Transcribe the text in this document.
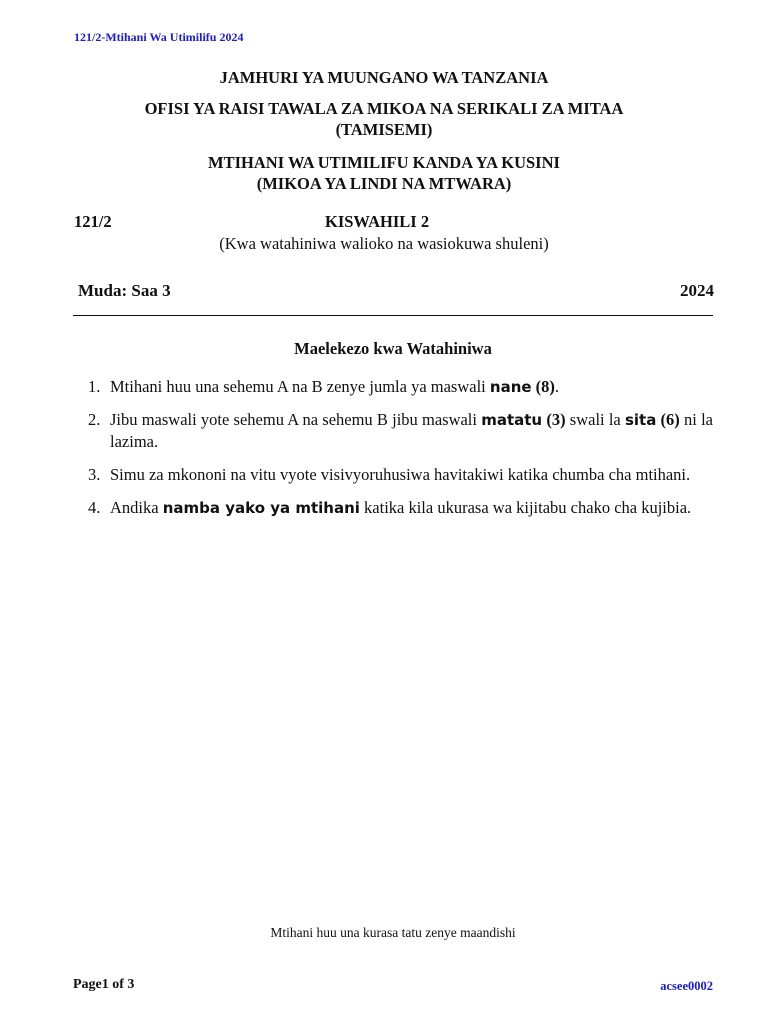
121/2-Mtihani Wa Utimilifu 2024
JAMHURI YA MUUNGANO WA TANZANIA
OFISI YA RAISI TAWALA ZA MIKOA NA SERIKALI ZA MITAA
(TAMISEMI)
MTIHANI WA UTIMILIFU KANDA YA KUSINI
(MIKOA YA LINDI NA MTWARA)
121/2	KISWAHILI 2
(Kwa watahiniwa walioko na wasiokuwa shuleni)
Muda: Saa 3	2024
Maelekezo kwa Watahiniwa
1. Mtihani huu una sehemu A na B zenye jumla ya maswali nane (8).
2. Jibu maswali yote sehemu A na sehemu B jibu maswali matatu (3) swali la sita (6) ni la lazima.
3. Simu za mkononi na vitu vyote visivyoruhusiwa havitakiwi katika chumba cha mtihani.
4. Andika namba yako ya mtihani katika kila ukurasa wa kijitabu chako cha kujibia.
Mtihani huu una kurasa tatu zenye maandishi
Page1 of 3	acsee0002
